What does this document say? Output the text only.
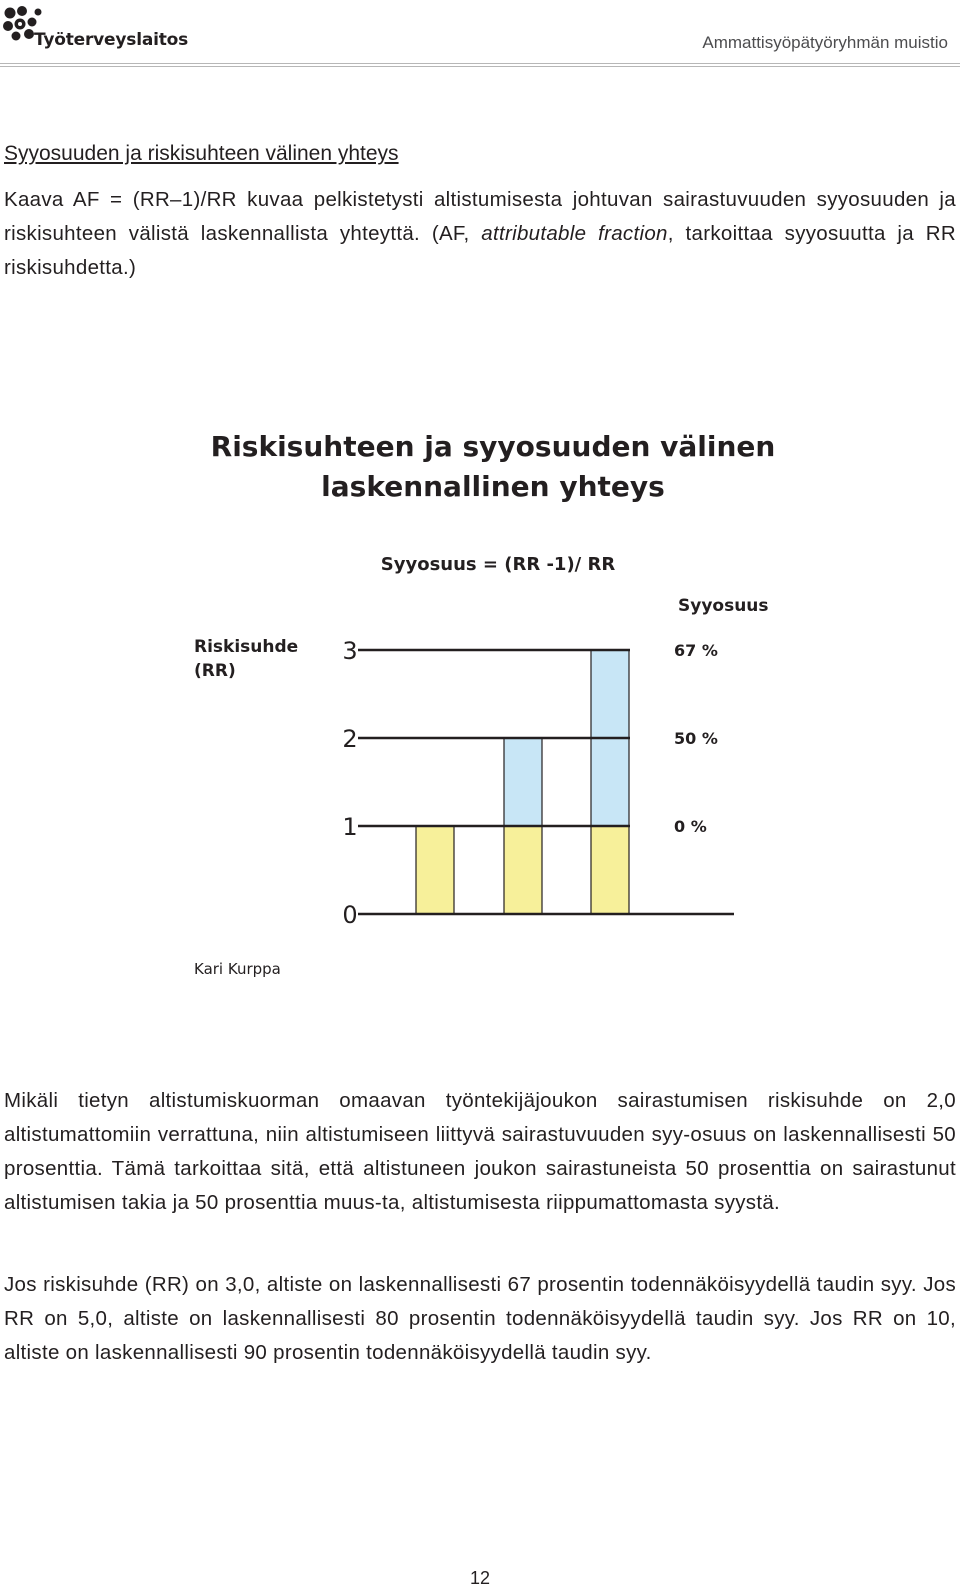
Työterveyslaitos	Ammattisyöpätyöryhmän muistio
Syyosuuden ja riskisuhteen välinen yhteys

Kaava AF = (RR–1)/RR kuvaa pelkistetysti altistumisesta johtuvan sairastuvuuden syyosuuden ja riskisuhteen välistä laskennallista yhteyttä. (AF, attributable fraction, tarkoittaa syyosuutta ja RR riskisuhdetta.)

Riskisuhteen ja syyosuuden välinen
laskennallinen yhteys
Syyosuus = (RR -1)/ RR
Syyosuus
Riskisuhde
(RR)
0
1
2
3
0 %
50 %
67 %
Kari Kurppa

Mikäli tietyn altistumiskuorman omaavan työntekijäjoukon sairastumisen riskisuhde on 2,0 altistumattomiin verrattuna, niin altistumiseen liittyvä sairastuvuuden syy-osuus on laskennallisesti 50 prosenttia. Tämä tarkoittaa sitä, että altistuneen joukon sairastuneista 50 prosenttia on sairastunut altistumisen takia ja 50 prosenttia muus-ta, altistumisesta riippumattomasta syystä.

Jos riskisuhde (RR) on 3,0, altiste on laskennallisesti 67 prosentin todennäköisyydellä taudin syy. Jos RR on 5,0, altiste on laskennallisesti 80 prosentin todennäköisyydellä taudin syy. Jos RR on 10, altiste on laskennallisesti 90 prosentin todennäköisyydellä taudin syy.

12
